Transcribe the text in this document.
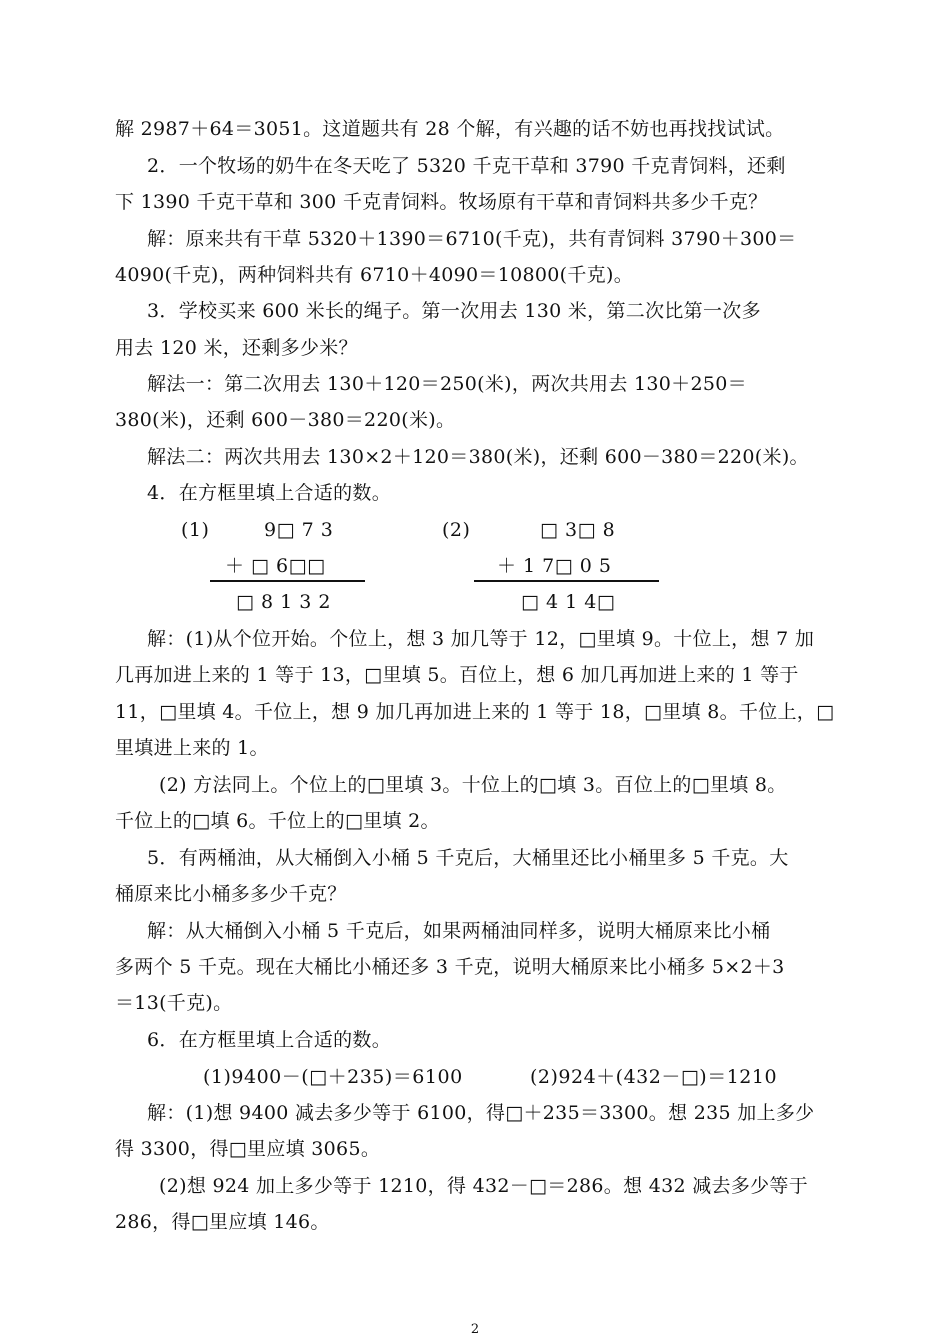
解 2987＋64＝3051。这道题共有 28 个解，有兴趣的话不妨也再找找试试。
2．一个牧场的奶牛在冬天吃了 5320 千克干草和 3790 千克青饲料，还剩
下 1390 千克干草和 300 千克青饲料。牧场原有干草和青饲料共多少千克？
解：原来共有干草 5320＋1390＝6710(千克)，共有青饲料 3790＋300＝
4090(千克)，两种饲料共有 6710＋4090＝10800(千克)。
3．学校买来 600 米长的绳子。第一次用去 130 米，第二次比第一次多
用去 120 米，还剩多少米？
解法一：第二次用去 130＋120＝250(米)，两次共用去 130＋250＝
380(米)，还剩 600－380＝220(米)。
解法二：两次共用去 130×2＋120＝380(米)，还剩 600－380＝220(米)。
4．在方框里填上合适的数。
(1)	9□ 7 3
＋ □ 6□□
□ 8 1 3 2
(2)	□ 3□ 8
＋ 1 7□ 0 5
□ 4 1 4□
解：(1)从个位开始。个位上，想 3 加几等于 12，□里填 9。十位上，想 7 加
几再加进上来的 1 等于 13，□里填 5。百位上，想 6 加几再加进上来的 1 等于
11，□里填 4。千位上，想 9 加几再加进上来的 1 等于 18，□里填 8。千位上，□
里填进上来的 1。
(2) 方法同上。个位上的□里填 3。十位上的□填 3。百位上的□里填 8。
千位上的□填 6。千位上的□里填 2。
5．有两桶油，从大桶倒入小桶 5 千克后，大桶里还比小桶里多 5 千克。大
桶原来比小桶多多少千克？
解：从大桶倒入小桶 5 千克后，如果两桶油同样多，说明大桶原来比小桶
多两个 5 千克。现在大桶比小桶还多 3 千克，说明大桶原来比小桶多 5×2＋3
＝13(千克)。
6．在方框里填上合适的数。
(1)9400－(□＋235)＝6100	(2)924＋(432－□)＝1210
解：(1)想 9400 减去多少等于 6100，得□＋235＝3300。想 235 加上多少
得 3300，得□里应填 3065。
(2)想 924 加上多少等于 1210，得 432－□＝286。想 432 减去多少等于
286，得□里应填 146。
2
